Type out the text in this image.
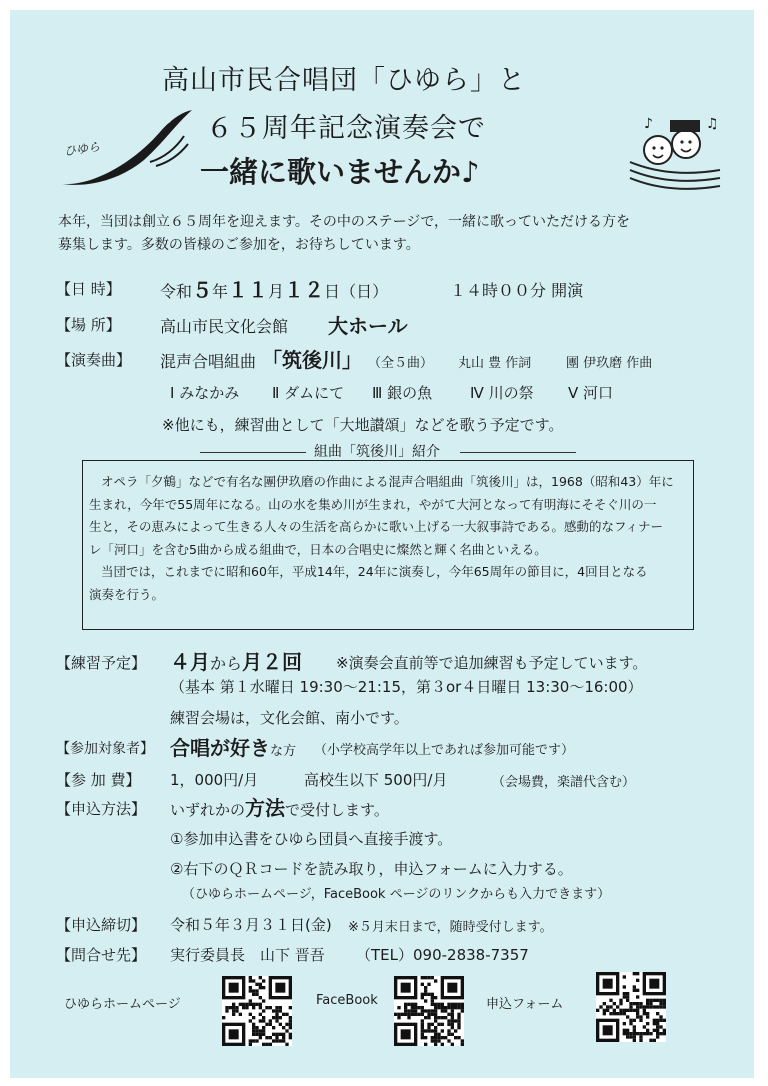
ひゆら
♪	♫
高山市民合唱団「ひゆら」と
６５周年記念演奏会で
一緒に歌いませんか♪
本年，当団は創立６５周年を迎えます。その中のステージで，一緒に歌っていただける方を
募集します。多数の皆様のご参加を，お待ちしています。
【日 時】 令和５年１１月１２日（日）	１４時００分 開演
【場 所】 高山市民文化会館 大ホール
【演奏曲】 混声合唱組曲 「筑後川」 （全５曲） 丸山 豊 作詞	團 伊玖磨 作曲
Ⅰ みなかみ Ⅱ ダムにて Ⅲ 銀の魚	Ⅳ 川の祭 Ⅴ 河口
※他にも，練習曲として「大地讃頌」などを歌う予定です。
組曲「筑後川」紹介
オペラ「夕鶴」などで有名な團伊玖磨の作曲による混声合唱組曲「筑後川」は，1968（昭和43）年に
生まれ，今年で55周年になる。山の水を集め川が生まれ，やがて大河となって有明海にそそぐ川の一
生と，その恵みによって生きる人々の生活を高らかに歌い上げる一大叙事詩である。感動的なフィナー
レ「河口」を含む5曲から成る組曲で，日本の合唱史に燦然と輝く名曲といえる。
当団では，これまでに昭和60年，平成14年，24年に演奏し，今年65周年の節目に，4回目となる
演奏を行う。
【練習予定】 ４月から月２回 ※演奏会直前等で追加練習も予定しています。
（基本 第１水曜日 19:30～21:15，第３or４日曜日 13:30～16:00）
練習会場は，文化会館、南小です。
【参加対象者】 合唱が好きな方 （小学校高学年以上であれば参加可能です）
【参 加 費】 1，000円/月	高校生以下 500円/月	（会場費，楽譜代含む）
【申込方法】 いずれかの方法で受付します。
①参加申込書をひゆら団員へ直接手渡す。
②右下のＱＲコードを読み取り，申込フォームに入力する。
（ひゆらホームページ，FaceBook ページのリンクからも入力できます）
【申込締切】 令和５年３月３１日(金) ※５月末日まで，随時受付します。
【問合せ先】 実行委員長　山下 晋吾 （TEL）090-2838-7357
ひゆらホームページ	FaceBook	申込フォーム
